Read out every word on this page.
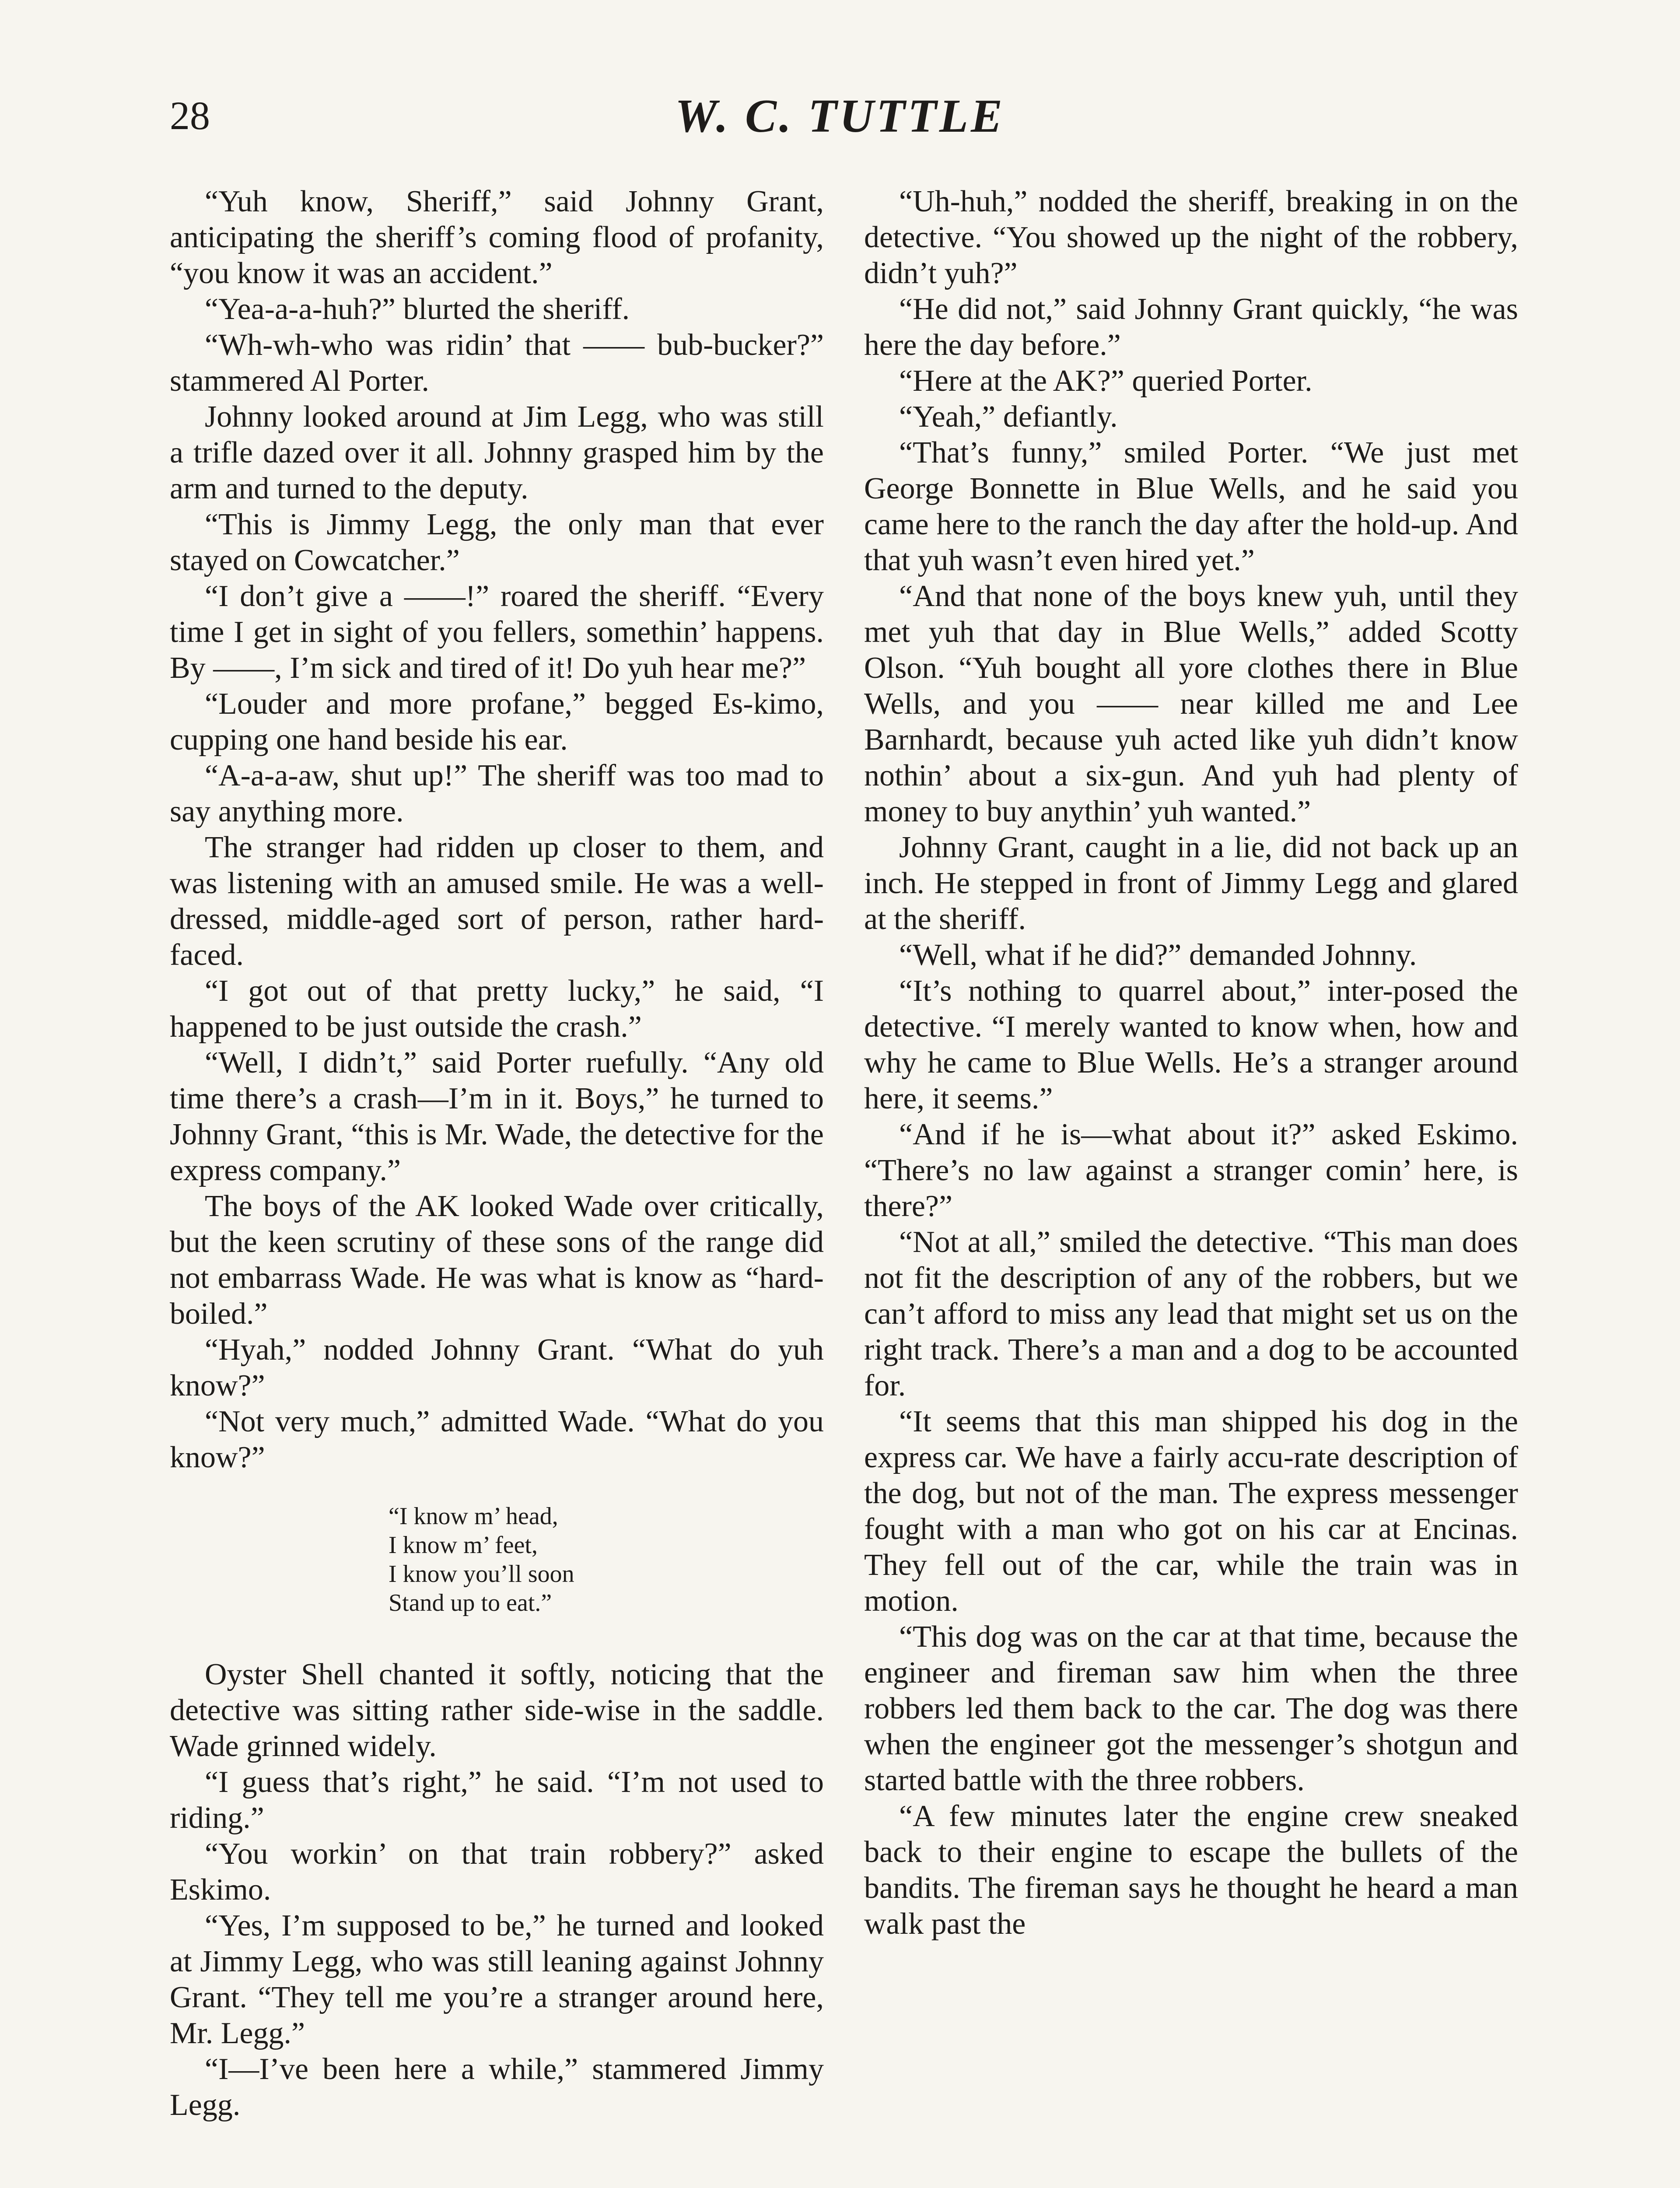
28	W. C. TUTTLE

“Yuh know, Sheriff,” said Johnny Grant, anticipating the sheriff’s coming flood of profanity, “you know it was an accident.”

“Yea-a-a-huh?” blurted the sheriff.

“Wh-wh-who was ridin’ that —— bub-bucker?” stammered Al Porter.

Johnny looked around at Jim Legg, who was still a trifle dazed over it all. Johnny grasped him by the arm and turned to the deputy.

“This is Jimmy Legg, the only man that ever stayed on Cowcatcher.”

“I don’t give a ——!” roared the sheriff. “Every time I get in sight of you fellers, somethin’ happens. By ——, I’m sick and tired of it! Do yuh hear me?”

“Louder and more profane,” begged Es-kimo, cupping one hand beside his ear.

“A-a-a-aw, shut up!” The sheriff was too mad to say anything more.

The stranger had ridden up closer to them, and was listening with an amused smile. He was a well-dressed, middle-aged sort of person, rather hard-faced.

“I got out of that pretty lucky,” he said, “I happened to be just outside the crash.”

“Well, I didn’t,” said Porter ruefully. “Any old time there’s a crash—I’m in it. Boys,” he turned to Johnny Grant, “this is Mr. Wade, the detective for the express company.”

The boys of the AK looked Wade over critically, but the keen scrutiny of these sons of the range did not embarrass Wade. He was what is know as “hard-boiled.”

“Hyah,” nodded Johnny Grant. “What do yuh know?”

“Not very much,” admitted Wade. “What do you know?”

“I know m’ head,
I know m’ feet,
I know you’ll soon
Stand up to eat.”

Oyster Shell chanted it softly, noticing that the detective was sitting rather side-wise in the saddle. Wade grinned widely.

“I guess that’s right,” he said. “I’m not used to riding.”

“You workin’ on that train robbery?” asked Eskimo.

“Yes, I’m supposed to be,” he turned and looked at Jimmy Legg, who was still leaning against Johnny Grant. “They tell me you’re a stranger around here, Mr. Legg.”

“I—I’ve been here a while,” stammered Jimmy Legg.

“Uh-huh,” nodded the sheriff, breaking in on the detective. “You showed up the night of the robbery, didn’t yuh?”

“He did not,” said Johnny Grant quickly, “he was here the day before.”

“Here at the AK?” queried Porter.

“Yeah,” defiantly.

“That’s funny,” smiled Porter. “We just met George Bonnette in Blue Wells, and he said you came here to the ranch the day after the hold-up. And that yuh wasn’t even hired yet.”

“And that none of the boys knew yuh, until they met yuh that day in Blue Wells,” added Scotty Olson. “Yuh bought all yore clothes there in Blue Wells, and you —— near killed me and Lee Barnhardt, because yuh acted like yuh didn’t know nothin’ about a six-gun. And yuh had plenty of money to buy anythin’ yuh wanted.”

Johnny Grant, caught in a lie, did not back up an inch. He stepped in front of Jimmy Legg and glared at the sheriff.

“Well, what if he did?” demanded Johnny.

“It’s nothing to quarrel about,” inter-posed the detective. “I merely wanted to know when, how and why he came to Blue Wells. He’s a stranger around here, it seems.”

“And if he is—what about it?” asked Eskimo. “There’s no law against a stranger comin’ here, is there?”

“Not at all,” smiled the detective. “This man does not fit the description of any of the robbers, but we can’t afford to miss any lead that might set us on the right track. There’s a man and a dog to be accounted for.

“It seems that this man shipped his dog in the express car. We have a fairly accu-rate description of the dog, but not of the man. The express messenger fought with a man who got on his car at Encinas. They fell out of the car, while the train was in motion.

“This dog was on the car at that time, because the engineer and fireman saw him when the three robbers led them back to the car. The dog was there when the engineer got the messenger’s shotgun and started battle with the three robbers.

“A few minutes later the engine crew sneaked back to their engine to escape the bullets of the bandits. The fireman says he thought he heard a man walk past the
